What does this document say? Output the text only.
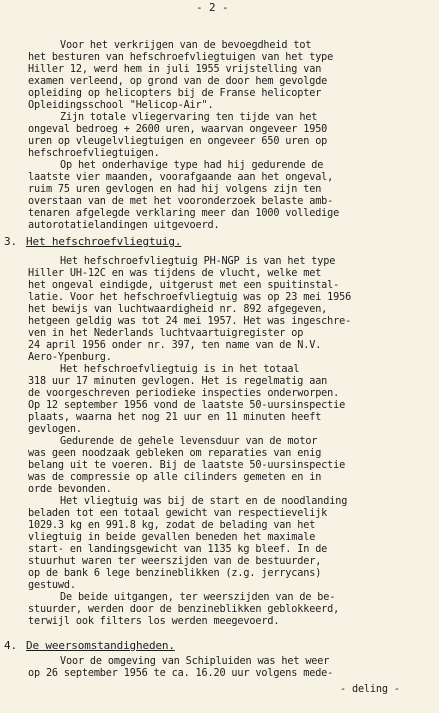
- 2 -
Voor het verkrijgen van de bevoegdheid tot
het besturen van hefschroefvliegtuigen van het type
Hiller 12, werd hem in juli 1955 vrijstelling van
examen verleend, op grond van de door hem gevolgde
opleiding op helicopters bij de Franse helicopter
Opleidingsschool "Helicop-Air".
Zijn totale vliegervaring ten tijde van het
ongeval bedroeg + 2600 uren, waarvan ongeveer 1950
uren op vleugelvliegtuigen en ongeveer 650 uren op
hefschroefvliegtuigen.
Op het onderhavige type had hij gedurende de
laatste vier maanden, voorafgaande aan het ongeval,
ruim 75 uren gevlogen en had hij volgens zijn ten
overstaan van de met het vooronderzoek belaste amb-
tenaren afgelegde verklaring meer dan 1000 volledige
autorotatielandingen uitgevoerd.
3. Het hefschroefvliegtuig.
Het hefschroefvliegtuig PH-NGP is van het type
Hiller UH-12C en was tijdens de vlucht, welke met
het ongeval eindigde, uitgerust met een spuitinstal-
latie. Voor het hefschroefvliegtuig was op 23 mei 1956
het bewijs van luchtwaardigheid nr. 892 afgegeven,
hetgeen geldig was tot 24 mei 1957. Het was ingeschre-
ven in het Nederlands luchtvaartuigregister op
24 april 1956 onder nr. 397, ten name van de N.V.
Aero-Ypenburg.
Het hefschroefvliegtuig is in het totaal
318 uur 17 minuten gevlogen. Het is regelmatig aan
de voorgeschreven periodieke inspecties onderworpen.
Op 12 september 1956 vond de laatste 50-uursinspectie
plaats, waarna het nog 21 uur en 11 minuten heeft
gevlogen.
Gedurende de gehele levensduur van de motor
was geen noodzaak gebleken om reparaties van enig
belang uit te voeren. Bij de laatste 50-uursinspectie
was de compressie op alle cilinders gemeten en in
orde bevonden.
Het vliegtuig was bij de start en de noodlanding
beladen tot een totaal gewicht van respectievelijk
1029.3 kg en 991.8 kg, zodat de belading van het
vliegtuig in beide gevallen beneden het maximale
start- en landingsgewicht van 1135 kg bleef. In de
stuurhut waren ter weerszijden van de bestuurder,
op de bank 6 lege benzineblikken (z.g. jerrycans)
gestuwd.
De beide uitgangen, ter weerszijden van de be-
stuurder, werden door de benzineblikken geblokkeerd,
terwijl ook filters los werden meegevoerd.
4. De weersomstandigheden.
Voor de omgeving van Schipluiden was het weer
op 26 september 1956 te ca. 16.20 uur volgens mede-
- deling -
